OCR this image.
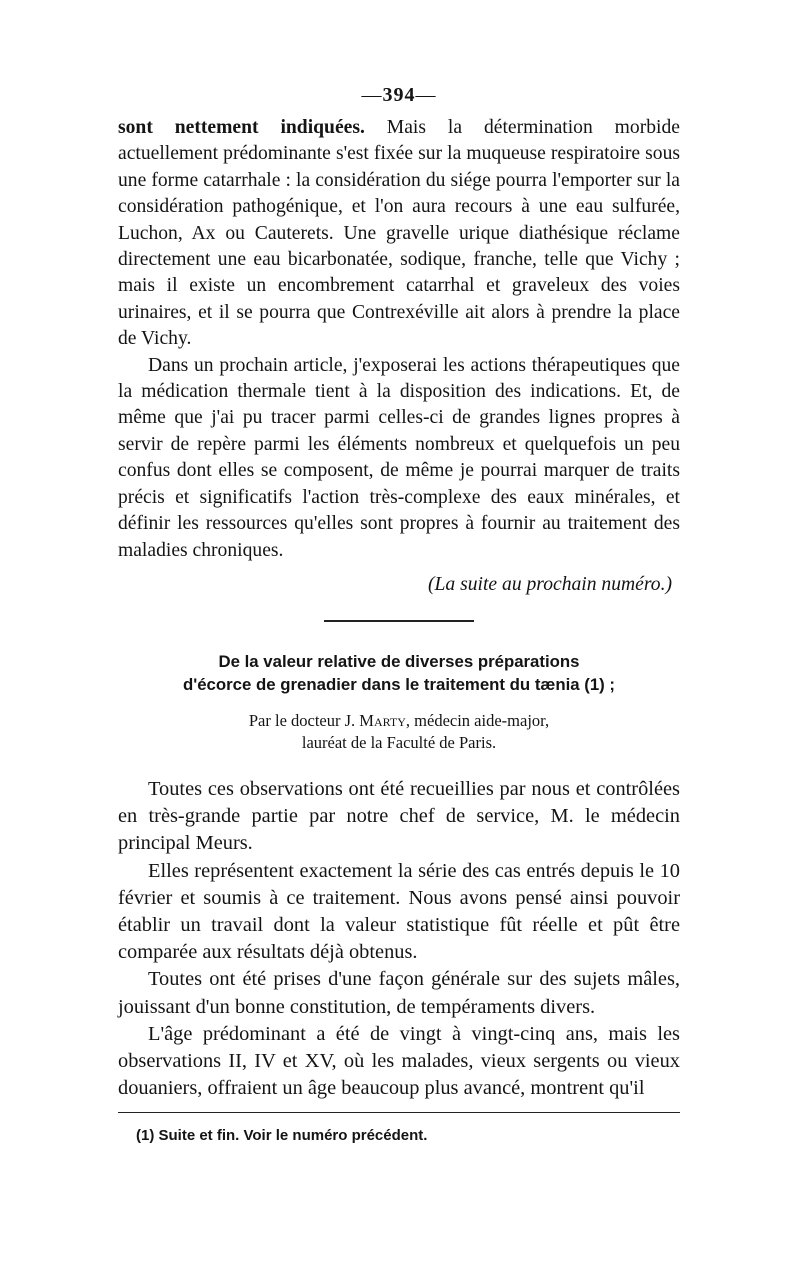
— 394 —

sont nettement indiquées. Mais la détermination morbide actuellement prédominante s'est fixée sur la muqueuse respiratoire sous une forme catarrhale : la considération du siége pourra l'emporter sur la considération pathogénique, et l'on aura recours à une eau sulfurée, Luchon, Ax ou Cauterets. Une gravelle urique diathésique réclame directement une eau bicarbonatée, sodique, franche, telle que Vichy ; mais il existe un encombrement catarrhal et graveleux des voies urinaires, et il se pourra que Contrexéville ait alors à prendre la place de Vichy.

Dans un prochain article, j'exposerai les actions thérapeutiques que la médication thermale tient à la disposition des indications. Et, de même que j'ai pu tracer parmi celles-ci de grandes lignes propres à servir de repère parmi les éléments nombreux et quelquefois un peu confus dont elles se composent, de même je pourrai marquer de traits précis et significatifs l'action très-complexe des eaux minérales, et définir les ressources qu'elles sont propres à fournir au traitement des maladies chroniques.

(La suite au prochain numéro.)
De la valeur relative de diverses préparations
d'écorce de grenadier dans le traitement du tænia (1) ;
Par le docteur J. Marty, médecin aide-major,
lauréat de la Faculté de Paris.

Toutes ces observations ont été recueillies par nous et contrôlées en très-grande partie par notre chef de service, M. le médecin principal Meurs.

Elles représentent exactement la série des cas entrés depuis le 10 février et soumis à ce traitement. Nous avons pensé ainsi pouvoir établir un travail dont la valeur statistique fût réelle et pût être comparée aux résultats déjà obtenus.

Toutes ont été prises d'une façon générale sur des sujets mâles, jouissant d'un bonne constitution, de tempéraments divers.

L'âge prédominant a été de vingt à vingt-cinq ans, mais les observations II, IV et XV, où les malades, vieux sergents ou vieux douaniers, offraient un âge beaucoup plus avancé, montrent qu'il

(1) Suite et fin. Voir le numéro précédent.
